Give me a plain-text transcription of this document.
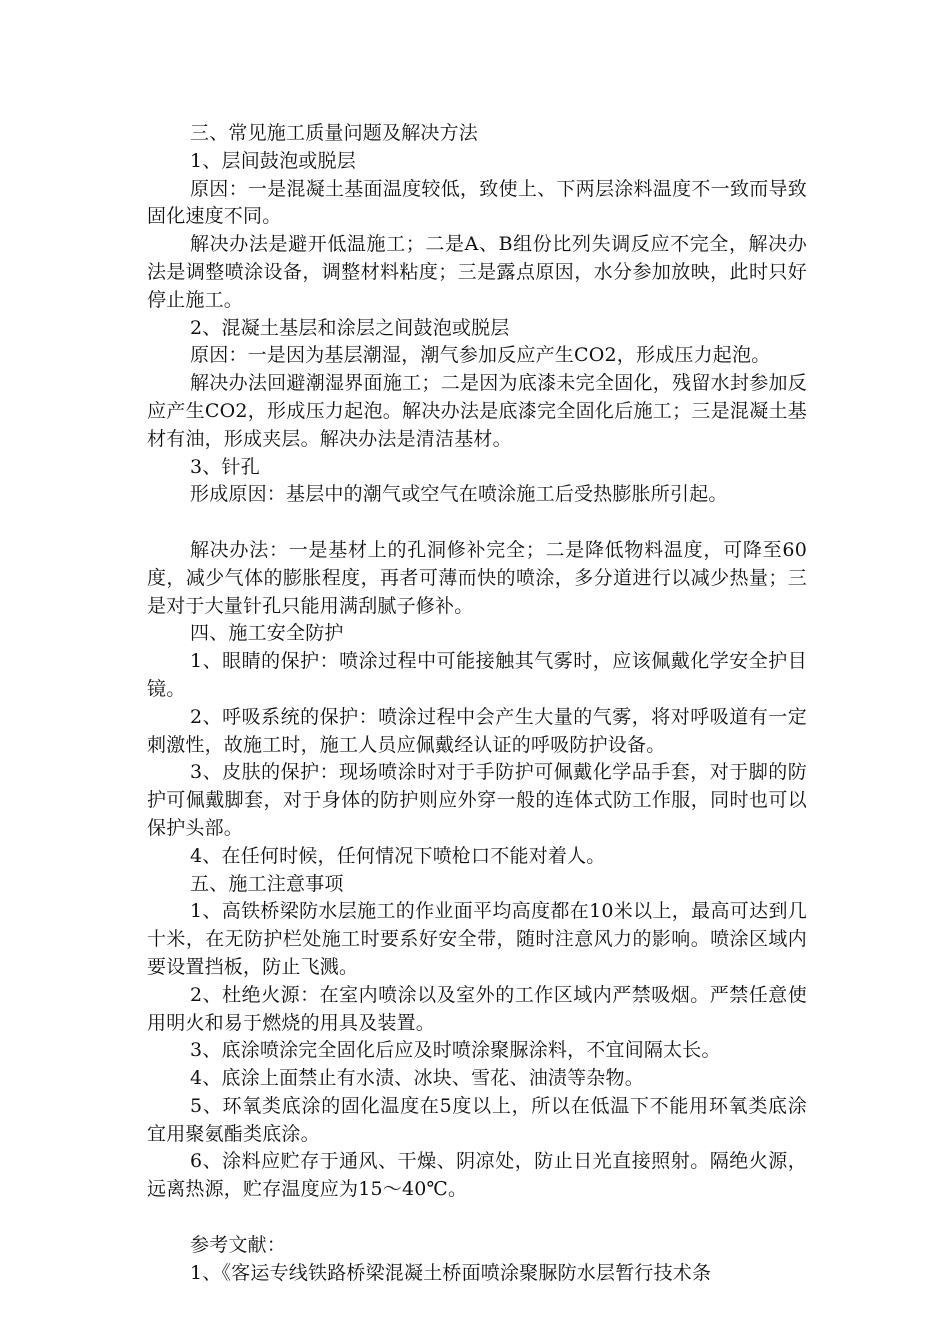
三、常见施工质量问题及解决方法

1、层间鼓泡或脱层

原因：一是混凝土基面温度较低，致使上、下两层涂料温度不一致而导致固化速度不同。

解决办法是避开低温施工；二是A、B组份比列失调反应不完全，解决办法是调整喷涂设备，调整材料粘度；三是露点原因，水分参加放映，此时只好停止施工。

2、混凝土基层和涂层之间鼓泡或脱层

原因：一是因为基层潮湿，潮气参加反应产生CO2，形成压力起泡。

解决办法回避潮湿界面施工；二是因为底漆未完全固化，残留水封参加反应产生CO2，形成压力起泡。解决办法是底漆完全固化后施工；三是混凝土基材有油，形成夹层。解决办法是清洁基材。

3、针孔

形成原因：基层中的潮气或空气在喷涂施工后受热膨胀所引起。

解决办法：一是基材上的孔洞修补完全；二是降低物料温度，可降至60度，减少气体的膨胀程度，再者可薄而快的喷涂，多分道进行以减少热量；三是对于大量针孔只能用满刮腻子修补。

四、施工安全防护

1、眼睛的保护：喷涂过程中可能接触其气雾时，应该佩戴化学安全护目镜。

2、呼吸系统的保护：喷涂过程中会产生大量的气雾，将对呼吸道有一定刺激性，故施工时，施工人员应佩戴经认证的呼吸防护设备。

3、皮肤的保护：现场喷涂时对于手防护可佩戴化学品手套，对于脚的防护可佩戴脚套，对于身体的防护则应外穿一般的连体式防工作服，同时也可以保护头部。

4、在任何时候，任何情况下喷枪口不能对着人。

五、施工注意事项

1、高铁桥梁防水层施工的作业面平均高度都在10米以上，最高可达到几十米，在无防护栏处施工时要系好安全带，随时注意风力的影响。喷涂区域内要设置挡板，防止飞溅。

2、杜绝火源：在室内喷涂以及室外的工作区域内严禁吸烟。严禁任意使用明火和易于燃烧的用具及装置。

3、底涂喷涂完全固化后应及时喷涂聚脲涂料，不宜间隔太长。

4、底涂上面禁止有水渍、冰块、雪花、油渍等杂物。

5、环氧类底涂的固化温度在5度以上，所以在低温下不能用环氧类底涂宜用聚氨酯类底涂。

6、涂料应贮存于通风、干燥、阴凉处，防止日光直接照射。隔绝火源，远离热源，贮存温度应为15～40℃。

参考文献：

1、《客运专线铁路桥梁混凝土桥面喷涂聚脲防水层暂行技术条
